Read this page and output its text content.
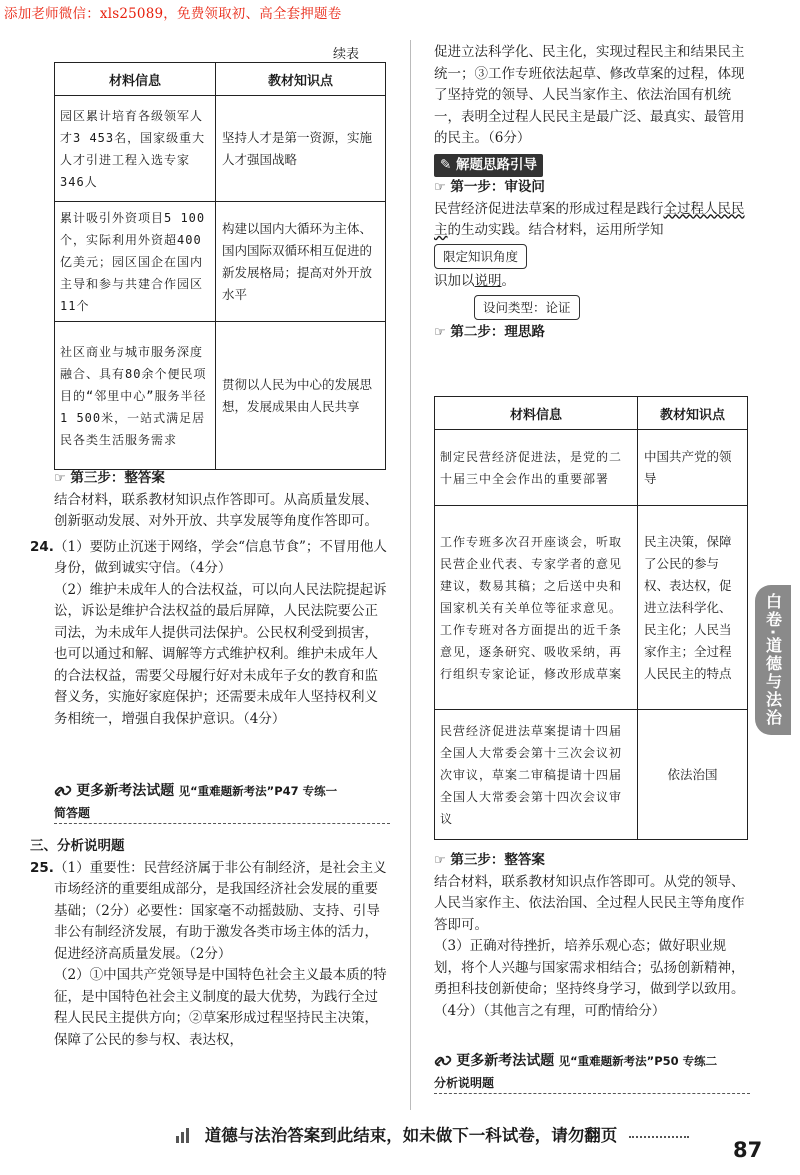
添加老师微信：xls25089，免费领取初、高全套押题卷
续表
材料信息	教材知识点
园区累计培育各级领军人才3 453名，国家级重大人才引进工程入选专家346人	坚持人才是第一资源，实施人才强国战略
累计吸引外资项目5 100个，实际利用外资超400亿美元；园区国企在国内主导和参与共建合作园区11个	构建以国内大循环为主体、国内国际双循环相互促进的新发展格局；提高对外开放水平
社区商业与城市服务深度融合、具有80余个便民项目的“邻里中心”服务半径1 500米，一站式满足居民各类生活服务需求	贯彻以人民为中心的发展思想，发展成果由人民共享
☞ 第三步：整答案

结合材料，联系教材知识点作答即可。从高质量发展、创新驱动发展、对外开放、共享发展等角度作答即可。

24. （1）要防止沉迷于网络，学会“信息节食”；不冒用他人身份，做到诚实守信。（4分）

（2）维护未成年人的合法权益，可以向人民法院提起诉讼，诉讼是维护合法权益的最后屏障，人民法院要公正司法，为未成年人提供司法保护。公民权利受到损害，也可以通过和解、调解等方式维护权利。维护未成年人的合法权益，需要父母履行好对未成年子女的教育和监督义务，实施好家庭保护；还需要未成年人坚持权利义务相统一，增强自我保护意识。（4分）

更多新考法试题 见“重难题新考法”P47 专练一
简答题
三、分析说明题
25. （1）重要性：民营经济属于非公有制经济，是社会主义市场经济的重要组成部分，是我国经济社会发展的重要基础；（2分）必要性：国家毫不动摇鼓励、支持、引导非公有制经济发展，有助于激发各类市场主体的活力，促进经济高质量发展。（2分）

（2）①中国共产党领导是中国特色社会主义最本质的特征，是中国特色社会主义制度的最大优势，为践行全过程人民民主提供方向；②草案形成过程坚持民主决策，保障了公民的参与权、表达权，

促进立法科学化、民主化，实现过程民主和结果民主统一；③工作专班依法起草、修改草案的过程，体现了坚持党的领导、人民当家作主、依法治国有机统一，表明全过程人民民主是最广泛、最真实、最管用的民主。（6分）

✎ 解题思路引导
☞ 第一步：审设问

民营经济促进法草案的形成过程是践行全过程人民民主的生动实践。结合材料，运用所学知

限定知识角度

识加以说明。

设问类型：论证
☞ 第二步：理思路
材料信息	教材知识点
制定民营经济促进法，是党的二十届三中全会作出的重要部署	中国共产党的领导
工作专班多次召开座谈会，听取民营企业代表、专家学者的意见建议，数易其稿；之后送中央和国家机关有关单位等征求意见。工作专班对各方面提出的近千条意见，逐条研究、吸收采纳，再行组织专家论证，修改形成草案	民主决策，保障了公民的参与权、表达权，促进立法科学化、民主化；人民当家作主；全过程人民民主的特点
民营经济促进法草案提请十四届全国人大常委会第十三次会议初次审议，草案二审稿提请十四届全国人大常委会第十四次会议审议	依法治国
☞ 第三步：整答案

结合材料，联系教材知识点作答即可。从党的领导、人民当家作主、依法治国、全过程人民民主等角度作答即可。

（3）正确对待挫折，培养乐观心态；做好职业规划，将个人兴趣与国家需求相结合；弘扬创新精神，勇担科技创新使命；坚持终身学习，做到学以致用。（4分）（其他言之有理，可酌情给分）

更多新考法试题 见“重难题新考法”P50 专练二
分析说明题
白卷·道德与法治
道德与法治答案到此结束，如未做下一科试卷，请勿翻页
87
